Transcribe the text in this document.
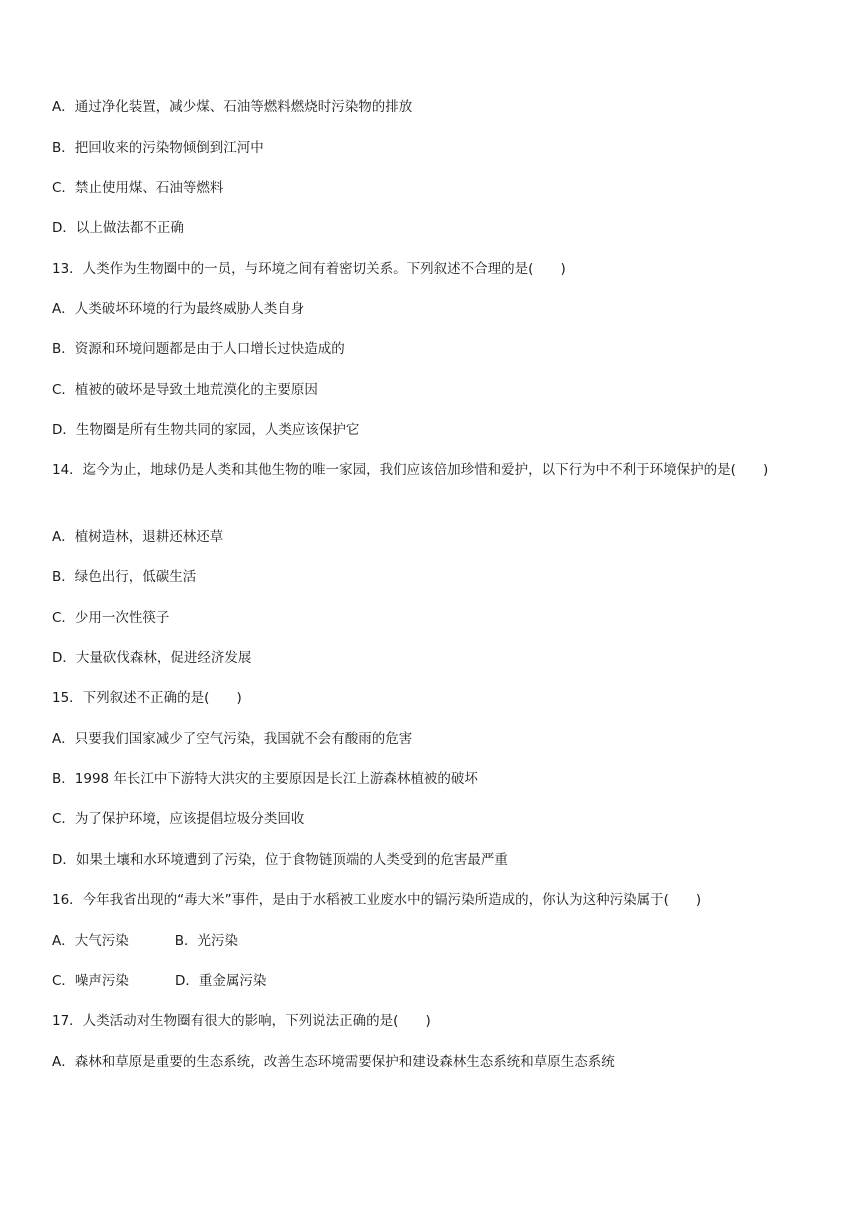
A．通过净化装置，减少煤、石油等燃料燃烧时污染物的排放
B．把回收来的污染物倾倒到江河中
C．禁止使用煤、石油等燃料
D．以上做法都不正确
13．人类作为生物圈中的一员，与环境之间有着密切关系。下列叙述不合理的是(　　)
A．人类破坏环境的行为最终威胁人类自身
B．资源和环境问题都是由于人口增长过快造成的
C．植被的破坏是导致土地荒漠化的主要原因
D．生物圈是所有生物共同的家园，人类应该保护它
14．迄今为止，地球仍是人类和其他生物的唯一家园，我们应该倍加珍惜和爱护，以下行为中不利于环境保护的是(　　)
A．植树造林，退耕还林还草
B．绿色出行，低碳生活
C．少用一次性筷子
D．大量砍伐森林，促进经济发展
15．下列叙述不正确的是(　　)
A．只要我们国家减少了空气污染，我国就不会有酸雨的危害
B．1998 年长江中下游特大洪灾的主要原因是长江上游森林植被的破坏
C．为了保护环境，应该提倡垃圾分类回收
D．如果土壤和水环境遭到了污染，位于食物链顶端的人类受到的危害最严重
16．今年我省出现的“毒大米”事件，是由于水稻被工业废水中的镉污染所造成的，你认为这种污染属于(　　)
A．大气污染	B．光污染
C．噪声污染	D．重金属污染
17．人类活动对生物圈有很大的影响，下列说法正确的是(　　)
A．森林和草原是重要的生态系统，改善生态环境需要保护和建设森林生态系统和草原生态系统
